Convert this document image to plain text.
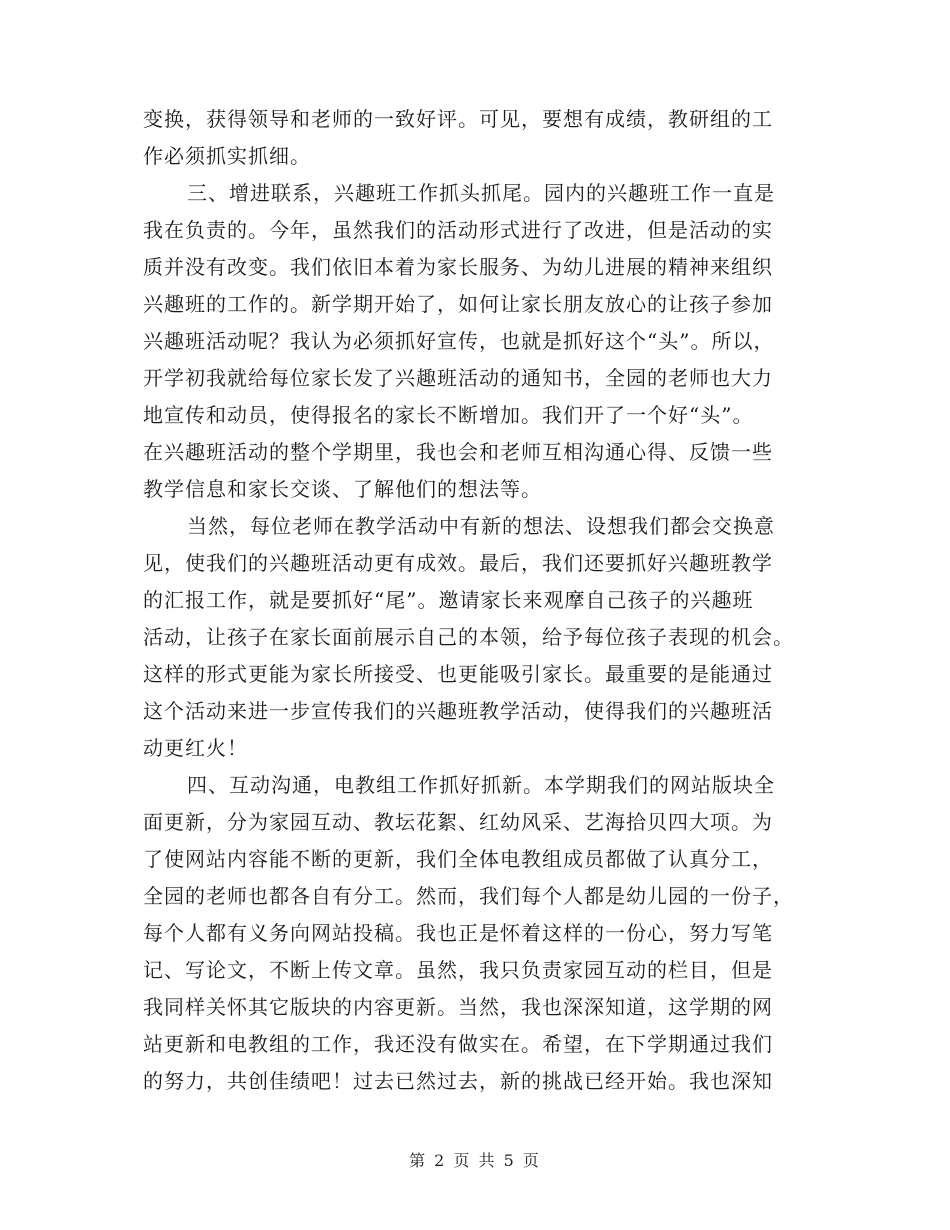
变换，获得领导和老师的一致好评。可见，要想有成绩，教研组的工
作必须抓实抓细。
三、增进联系，兴趣班工作抓头抓尾。园内的兴趣班工作一直是
我在负责的。今年，虽然我们的活动形式进行了改进，但是活动的实
质并没有改变。我们依旧本着为家长服务、为幼儿进展的精神来组织
兴趣班的工作的。新学期开始了，如何让家长朋友放心的让孩子参加
兴趣班活动呢？我认为必须抓好宣传，也就是抓好这个“头”。所以，
开学初我就给每位家长发了兴趣班活动的通知书，全园的老师也大力
地宣传和动员，使得报名的家长不断增加。我们开了一个好“头”。
在兴趣班活动的整个学期里，我也会和老师互相沟通心得、反馈一些
教学信息和家长交谈、了解他们的想法等。
当然，每位老师在教学活动中有新的想法、设想我们都会交换意
见，使我们的兴趣班活动更有成效。最后，我们还要抓好兴趣班教学
的汇报工作，就是要抓好“尾”。邀请家长来观摩自己孩子的兴趣班
活动，让孩子在家长面前展示自己的本领，给予每位孩子表现的机会。
这样的形式更能为家长所接受、也更能吸引家长。最重要的是能通过
这个活动来进一步宣传我们的兴趣班教学活动，使得我们的兴趣班活
动更红火！
四、互动沟通，电教组工作抓好抓新。本学期我们的网站版块全
面更新，分为家园互动、教坛花絮、红幼风采、艺海拾贝四大项。为
了使网站内容能不断的更新，我们全体电教组成员都做了认真分工，
全园的老师也都各自有分工。然而，我们每个人都是幼儿园的一份子，
每个人都有义务向网站投稿。我也正是怀着这样的一份心，努力写笔
记、写论文，不断上传文章。虽然，我只负责家园互动的栏目，但是
我同样关怀其它版块的内容更新。当然，我也深深知道，这学期的网
站更新和电教组的工作，我还没有做实在。希望，在下学期通过我们
的努力，共创佳绩吧！过去已然过去，新的挑战已经开始。我也深知
第 2 页 共 5 页
